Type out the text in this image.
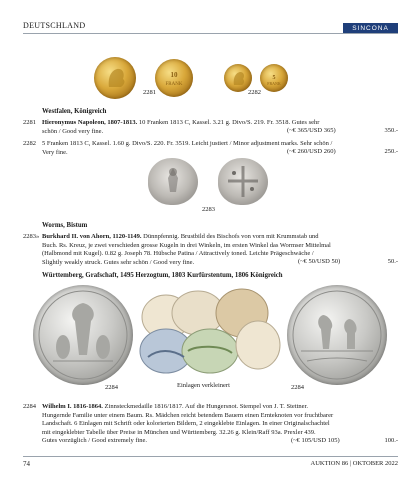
DEUTSCHLAND	SINCONA
10
FRANK
5
FRANK
2281	2282
Westfalen, Königreich
2281 Hieronymus Napoleon, 1807-1813. 10 Franken 1813 C, Kassel. 3.21 g. Divo/S. 219. Fr. 3518. Gutes sehr
schön / Good very fine.	(~€ 365/USD 365)	350.-
2282 5 Franken 1813 C, Kassel. 1.60 g. Divo/S. 220. Fr. 3519. Leicht justiert / Minor adjustment marks. Sehr schön /
Very fine.	(~€ 260/USD 260)	250.-
2283
Worms, Bistum
2283» Burkhard II. von Ahorn, 1120-1149. Dünnpfennig. Brustbild des Bischofs von vorn mit Krummstab und
Buch. Rs. Kreuz, je zwei verschieden grosse Kugeln in drei Winkeln, im ersten Winkel das Wormser Mittelmal
(Halbmond mit Kugel). 0.82 g. Joseph 78. Hübsche Patina / Attractively toned. Leichte Prägeschwäche /
Slightly weakly struck. Gutes sehr schön / Good very fine.	(~€ 50/USD 50)	50.-
Württemberg, Grafschaft, 1495 Herzogtum, 1803 Kurfürstentum, 1806 Königreich
2284	Einlagen verkleinert	2284
2284 Wilhelm I. 1816-1864. Zinnsteckmedaille 1816/1817. Auf die Hungersnot. Stempel von J. T. Stettner.
Hungernde Familie unter einem Baum. Rs. Mädchen reicht betendem Bauern einen Ernteknoten vor fruchtbarer
Landschaft. 6 Einlagen mit Schrift oder kolorierten Bildern, 2 eingeklebte Einlagen. In einer Originalschachtel
mit eingeklebter Tabelle über Preise in München und Württemberg. 32.26 g. Klein/Raff 93a. Prexler 439.
Gutes vorzüglich / Good extremely fine.	(~€ 105/USD 105)	100.-
74	AUKTION 86 | OKTOBER 2022
